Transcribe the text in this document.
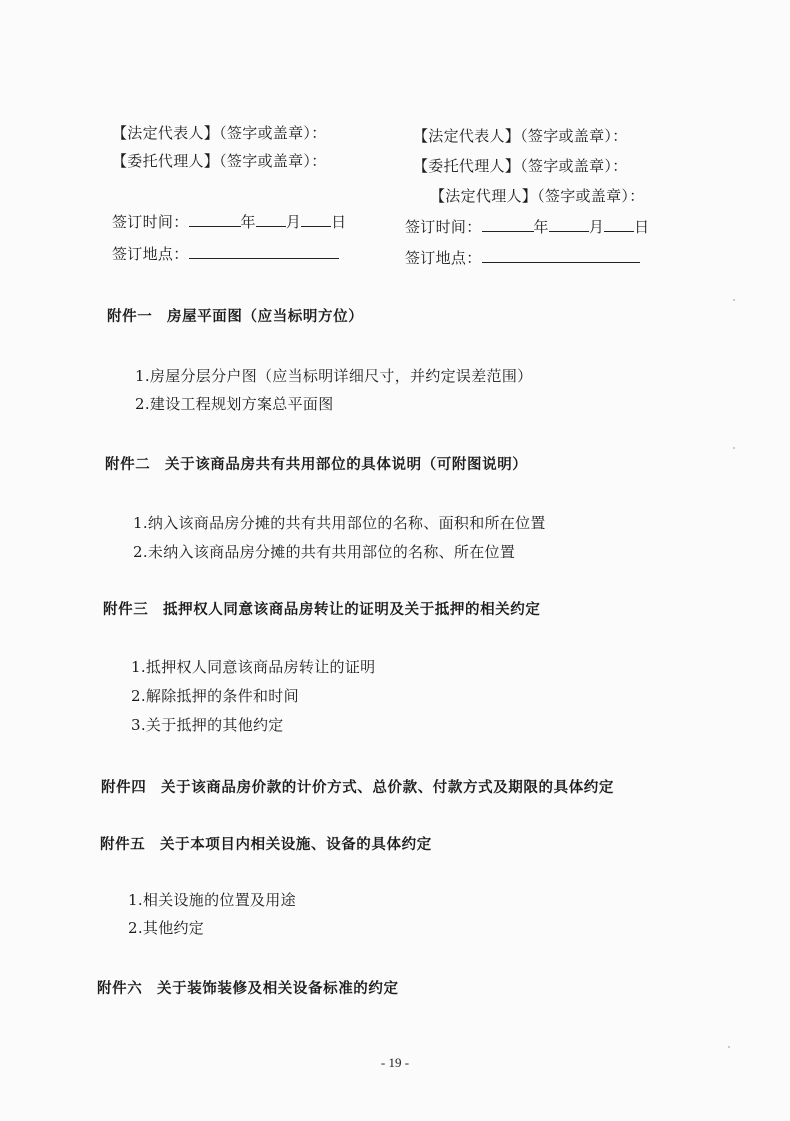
【法定代表人】（签字或盖章）：
【委托代理人】（签字或盖章）：
签订时间：	年 月 日
签订地点：
【法定代表人】（签字或盖章）：
【委托代理人】（签字或盖章）：
【法定代理人】（签字或盖章）：
签订时间：	年	月 日
签订地点：
附件一 房屋平面图（应当标明方位）
1.房屋分层分户图（应当标明详细尺寸，并约定误差范围）
2.建设工程规划方案总平面图
附件二 关于该商品房共有共用部位的具体说明（可附图说明）
1.纳入该商品房分摊的共有共用部位的名称、面积和所在位置
2.未纳入该商品房分摊的共有共用部位的名称、所在位置
附件三 抵押权人同意该商品房转让的证明及关于抵押的相关约定
1.抵押权人同意该商品房转让的证明
2.解除抵押的条件和时间
3.关于抵押的其他约定
附件四 关于该商品房价款的计价方式、总价款、付款方式及期限的具体约定
附件五 关于本项目内相关设施、设备的具体约定
1.相关设施的位置及用途
2.其他约定
附件六 关于装饰装修及相关设备标准的约定
- 19 -
